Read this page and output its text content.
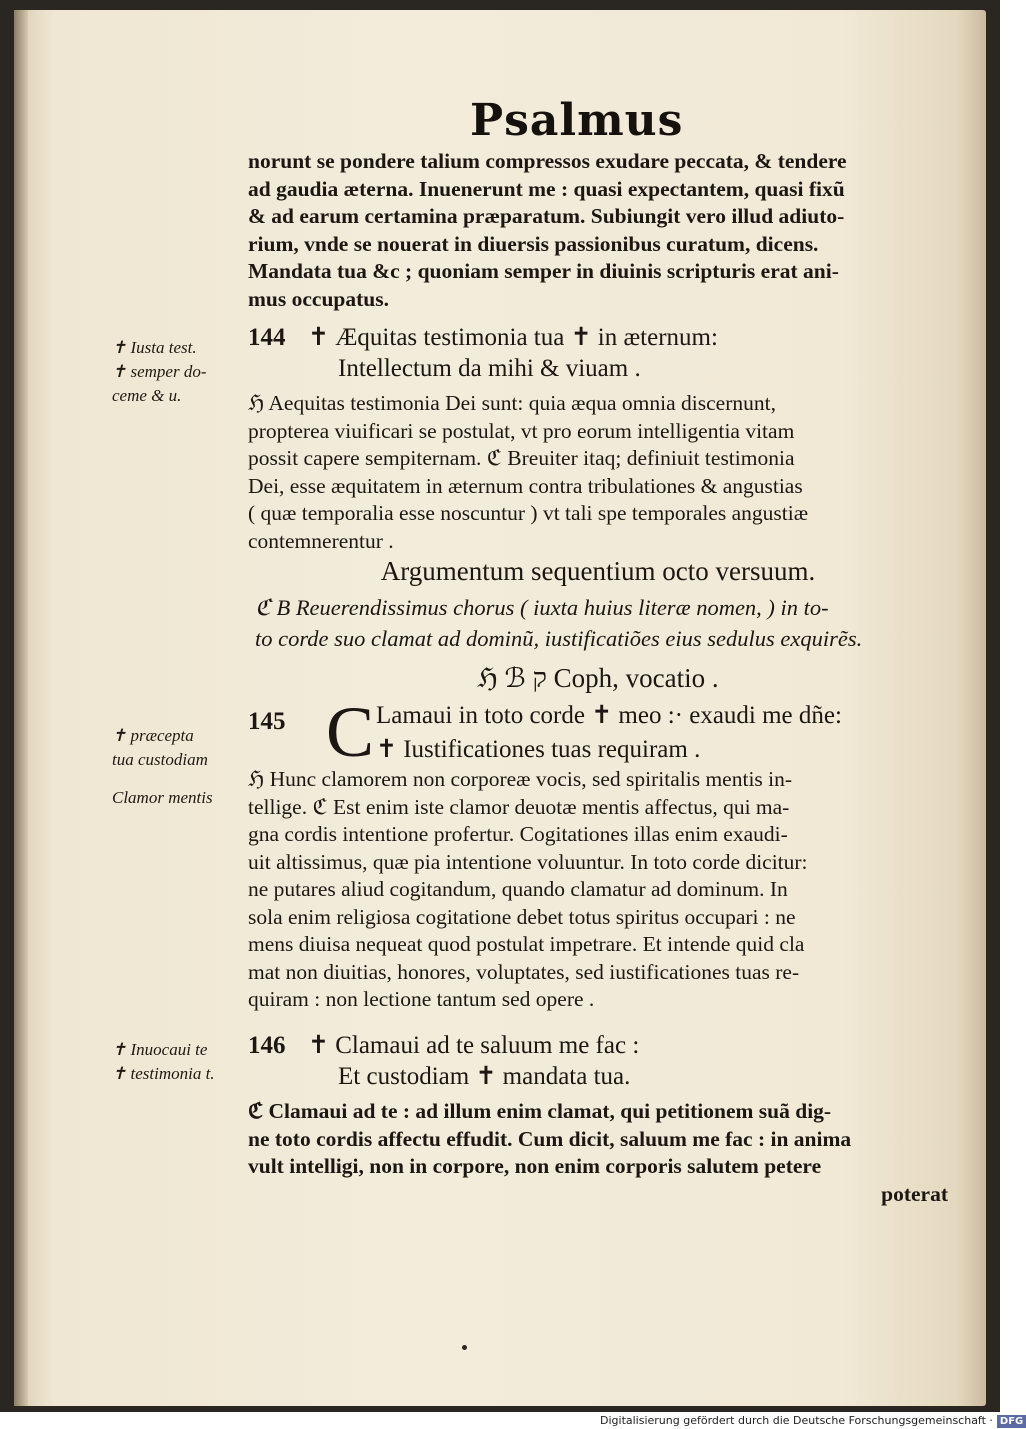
Psalmus
norunt se pondere talium compressos exudare peccata, & tendere
ad gaudia æterna. Inuenerunt me : quasi expectantem, quasi fixũ
& ad earum certamina præparatum. Subiungit vero illud adiuto-
rium, vnde se nouerat in diuersis passionibus curatum, dicens.
Mandata tua &c ; quoniam semper in diuinis scripturis erat ani-
mus occupatus.
✝ Iusta test.
✝ semper do-
ceme & u.
144 ✝ Æquitas testimonia tua ✝ in æternum:
Intellectum da mihi & viuam .
ℌ Aequitas testimonia Dei sunt: quia æqua omnia discernunt,
propterea viuificari se postulat, vt pro eorum intelligentia vitam
possit capere sempiternam. ℭ Breuiter itaq; definiuit testimonia
Dei, esse æquitatem in æternum contra tribulationes & angustias
( quæ temporalia esse noscuntur ) vt tali spe temporales angustiæ
contemnerentur .
Argumentum sequentium octo versuum.
ℭ B Reuerendissimus chorus ( iuxta huius literæ nomen, ) in to-
to corde suo clamat ad dominũ, iustificatiões eius sedulus exquirẽs.
ℌ ℬ ק Coph, vocatio .
✝ præcepta
tua custodiam
Clamor mentis
145 C Lamaui in toto corde ✝ meo :· exaudi me dñe:
✝ Iustificationes tuas requiram .
ℌ Hunc clamorem non corporeæ vocis, sed spiritalis mentis in-
tellige. ℭ Est enim iste clamor deuotæ mentis affectus, qui ma-
gna cordis intentione profertur. Cogitationes illas enim exaudi-
uit altissimus, quæ pia intentione voluuntur. In toto corde dicitur:
ne putares aliud cogitandum, quando clamatur ad dominum. In
sola enim religiosa cogitatione debet totus spiritus occupari : ne
mens diuisa nequeat quod postulat impetrare. Et intende quid cla
mat non diuitias, honores, voluptates, sed iustificationes tuas re-
quiram : non lectione tantum sed opere .
✝ Inuocaui te
✝ testimonia t.
146 ✝ Clamaui ad te saluum me fac :
Et custodiam ✝ mandata tua.
ℭ Clamaui ad te : ad illum enim clamat, qui petitionem suã dig-
ne toto cordis affectu effudit. Cum dicit, saluum me fac : in anima
vult intelligi, non in corpore, non enim corporis salutem petere
poterat
Digitalisierung gefördert durch die Deutsche Forschungsgemeinschaft · DFG
